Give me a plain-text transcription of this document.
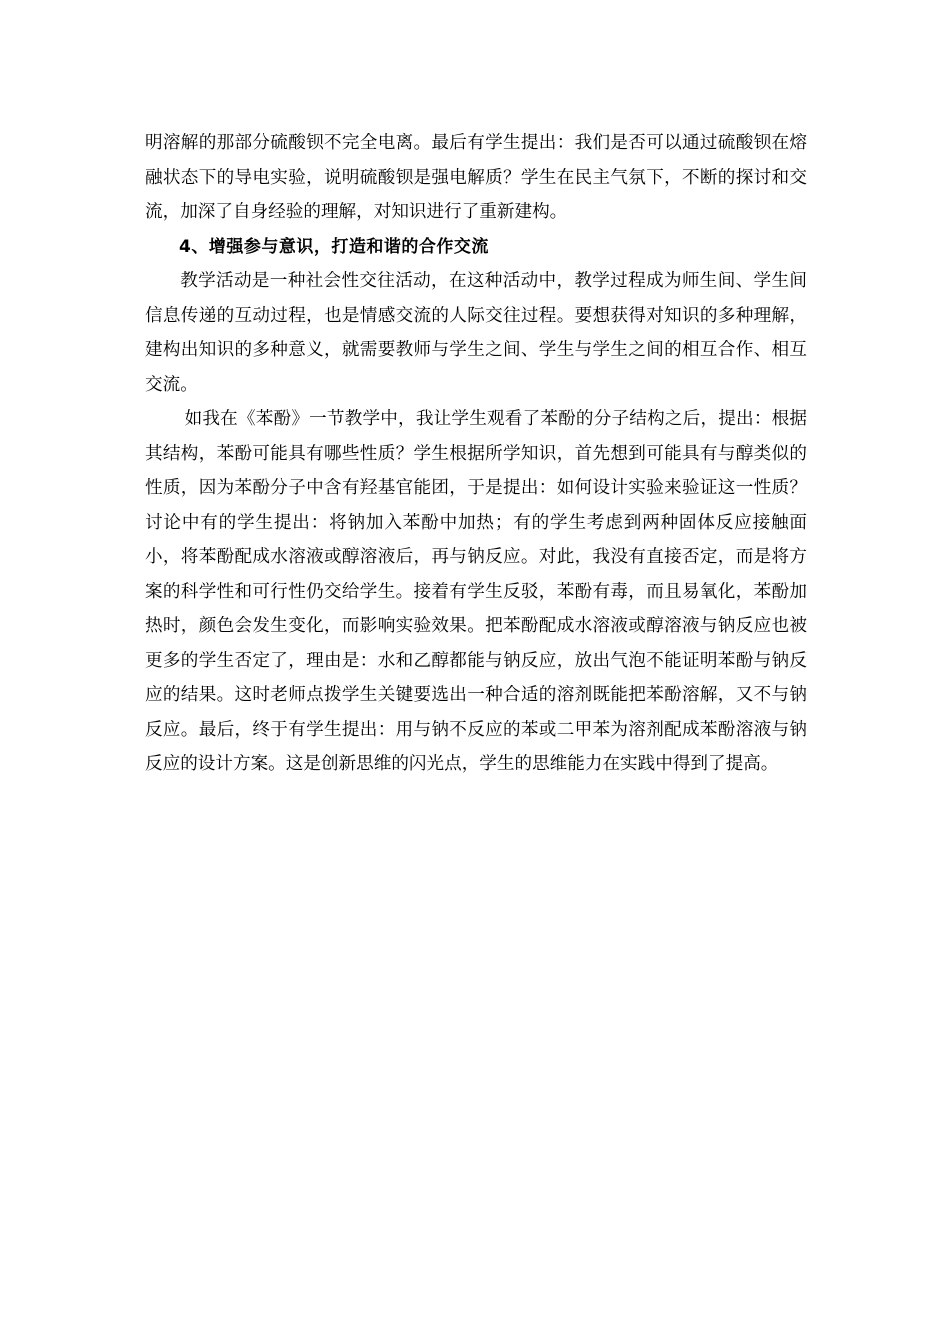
明溶解的那部分硫酸钡不完全电离。最后有学生提出：我们是否可以通过硫酸钡在熔融状态下的导电实验，说明硫酸钡是强电解质？学生在民主气氛下，不断的探讨和交流，加深了自身经验的理解，对知识进行了重新建构。

4、增强参与意识，打造和谐的合作交流

教学活动是一种社会性交往活动，在这种活动中，教学过程成为师生间、学生间信息传递的互动过程，也是情感交流的人际交往过程。要想获得对知识的多种理解，建构出知识的多种意义，就需要教师与学生之间、学生与学生之间的相互合作、相互交流。

如我在《苯酚》一节教学中，我让学生观看了苯酚的分子结构之后，提出：根据其结构，苯酚可能具有哪些性质？学生根据所学知识，首先想到可能具有与醇类似的性质，因为苯酚分子中含有羟基官能团，于是提出：如何设计实验来验证这一性质？讨论中有的学生提出：将钠加入苯酚中加热；有的学生考虑到两种固体反应接触面小，将苯酚配成水溶液或醇溶液后，再与钠反应。对此，我没有直接否定，而是将方案的科学性和可行性仍交给学生。接着有学生反驳，苯酚有毒，而且易氧化，苯酚加热时，颜色会发生变化，而影响实验效果。把苯酚配成水溶液或醇溶液与钠反应也被更多的学生否定了，理由是：水和乙醇都能与钠反应，放出气泡不能证明苯酚与钠反应的结果。这时老师点拨学生关键要选出一种合适的溶剂既能把苯酚溶解，又不与钠反应。最后，终于有学生提出：用与钠不反应的苯或二甲苯为溶剂配成苯酚溶液与钠反应的设计方案。这是创新思维的闪光点，学生的思维能力在实践中得到了提高。
